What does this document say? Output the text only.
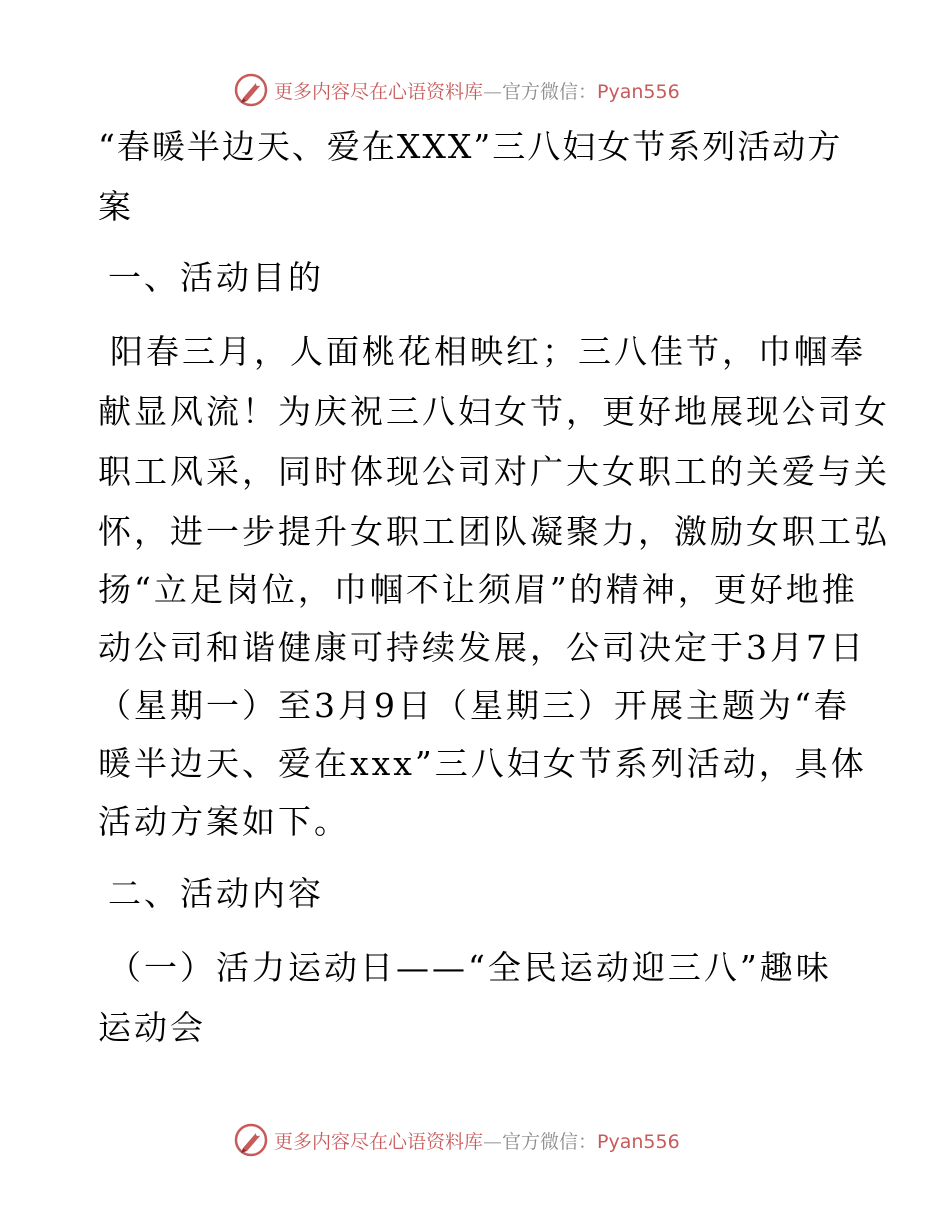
更多内容尽在心语资料库—官方微信：Pyan556
“春暖半边天、爱在XXX”三八妇女节系列活动方
案
一、活动目的
阳春三月，人面桃花相映红；三八佳节，巾帼奉
献显风流！为庆祝三八妇女节，更好地展现公司女
职工风采，同时体现公司对广大女职工的关爱与关
怀，进一步提升女职工团队凝聚力，激励女职工弘
扬“立足岗位，巾帼不让须眉”的精神，更好地推
动公司和谐健康可持续发展，公司决定于3月7日
（星期一）至3月9日（星期三）开展主题为“春
暖半边天、爱在xxx”三八妇女节系列活动，具体
活动方案如下。
二、活动内容
（一）活力运动日——“全民运动迎三八”趣味
运动会
更多内容尽在心语资料库—官方微信：Pyan556
